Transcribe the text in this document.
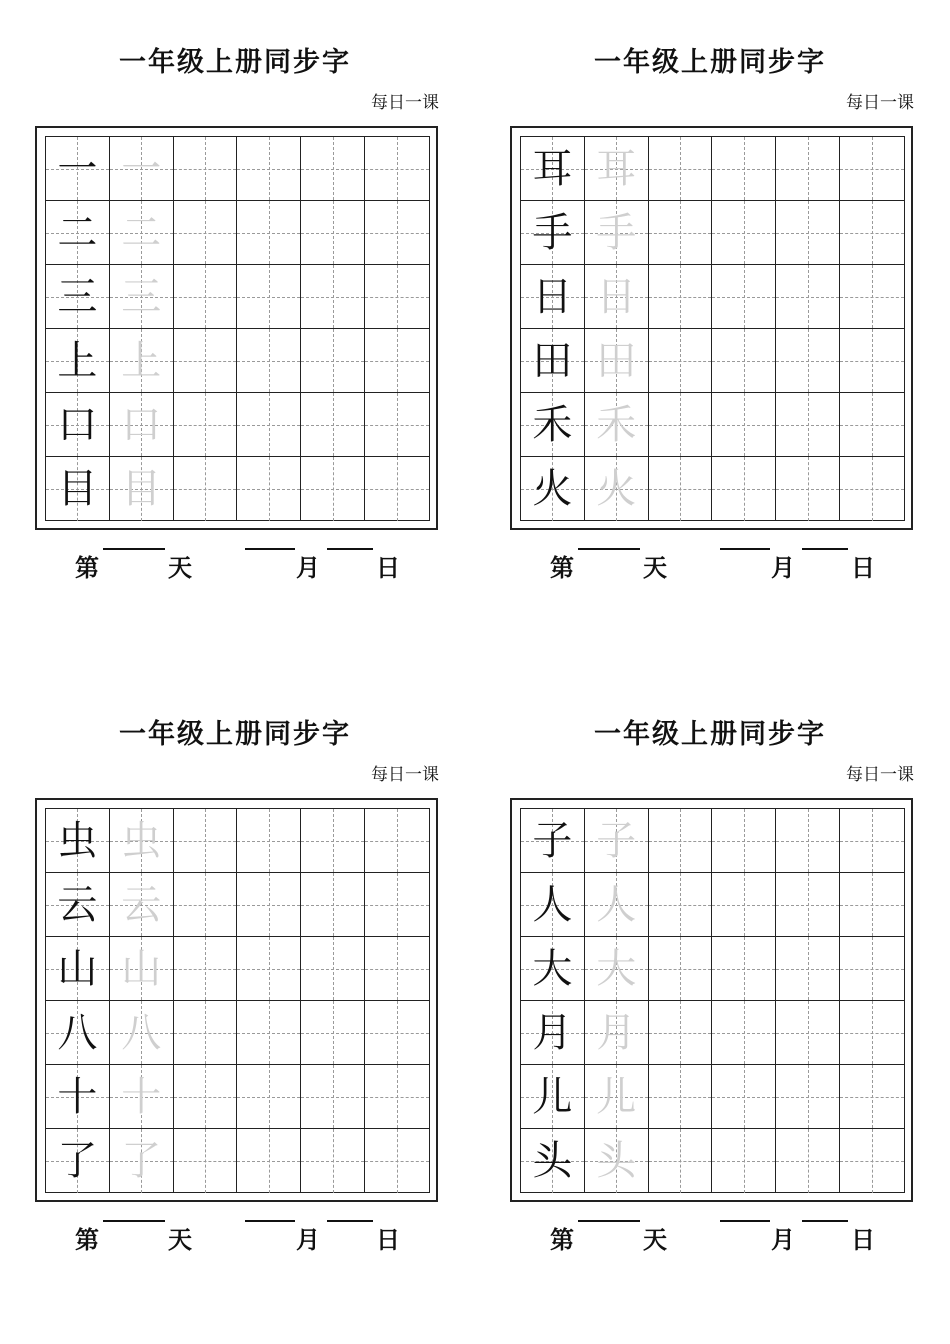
一年级上册同步字
每日一课
一 一
二 二
三 三
上 上
口 口
目 目
第	天	月 日
一年级上册同步字
每日一课
耳 耳
手 手
日 日
田 田
禾 禾
火 火
第	天	月 日
一年级上册同步字
每日一课
虫 虫
云 云
山 山
八 八
十 十
了 了
第	天	月 日
一年级上册同步字
每日一课
子 子
人 人
大 大
月 月
儿 儿
头 头
第	天	月 日
